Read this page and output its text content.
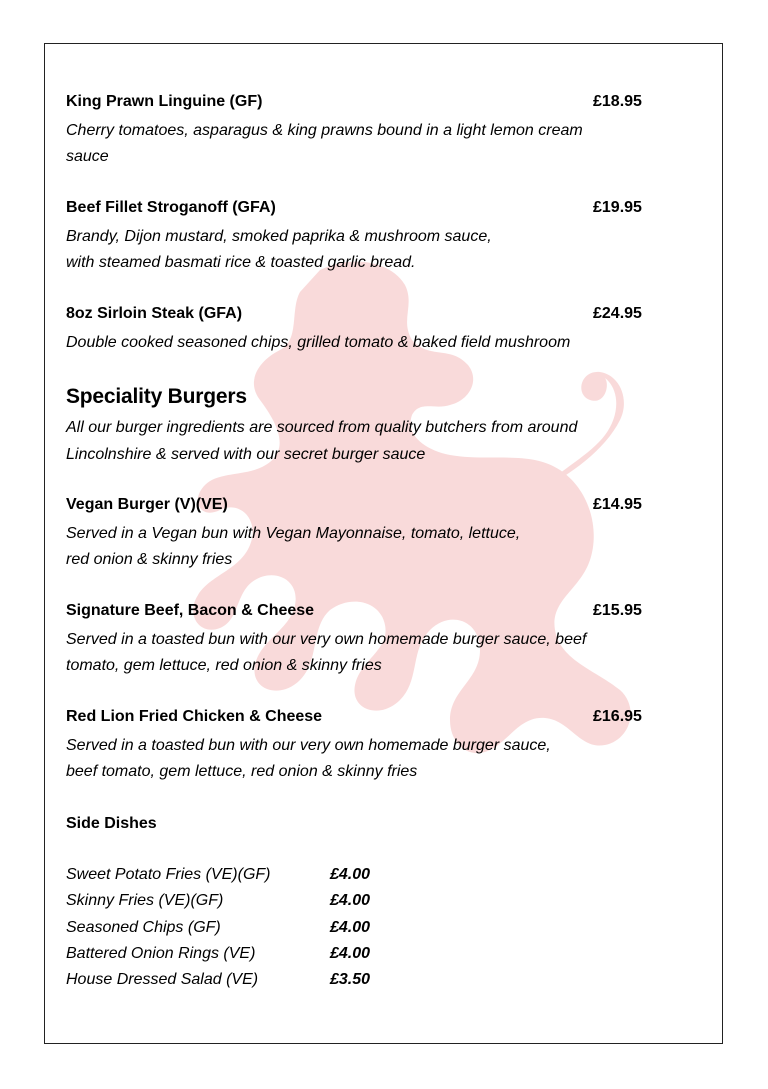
King Prawn Linguine (GF)	£18.95
Cherry tomatoes, asparagus & king prawns bound in a light lemon cream
sauce
Beef Fillet Stroganoff (GFA)	£19.95
Brandy, Dijon mustard, smoked paprika & mushroom sauce,
with steamed basmati rice & toasted garlic bread.
8oz Sirloin Steak (GFA)	£24.95
Double cooked seasoned chips, grilled tomato & baked field mushroom
Speciality Burgers
All our burger ingredients are sourced from quality butchers from around
Lincolnshire & served with our secret burger sauce
Vegan Burger (V)(VE)	£14.95
Served in a Vegan bun with Vegan Mayonnaise, tomato, lettuce,
red onion & skinny fries
Signature Beef, Bacon & Cheese	£15.95
Served in a toasted bun with our very own homemade burger sauce, beef
tomato, gem lettuce, red onion & skinny fries
Red Lion Fried Chicken & Cheese	£16.95
Served in a toasted bun with our very own homemade burger sauce,
beef tomato, gem lettuce, red onion & skinny fries
Side Dishes
Sweet Potato Fries (VE)(GF)	£4.00
Skinny Fries (VE)(GF)	£4.00
Seasoned Chips (GF)	£4.00
Battered Onion Rings (VE)	£4.00
House Dressed Salad (VE)	£3.50
